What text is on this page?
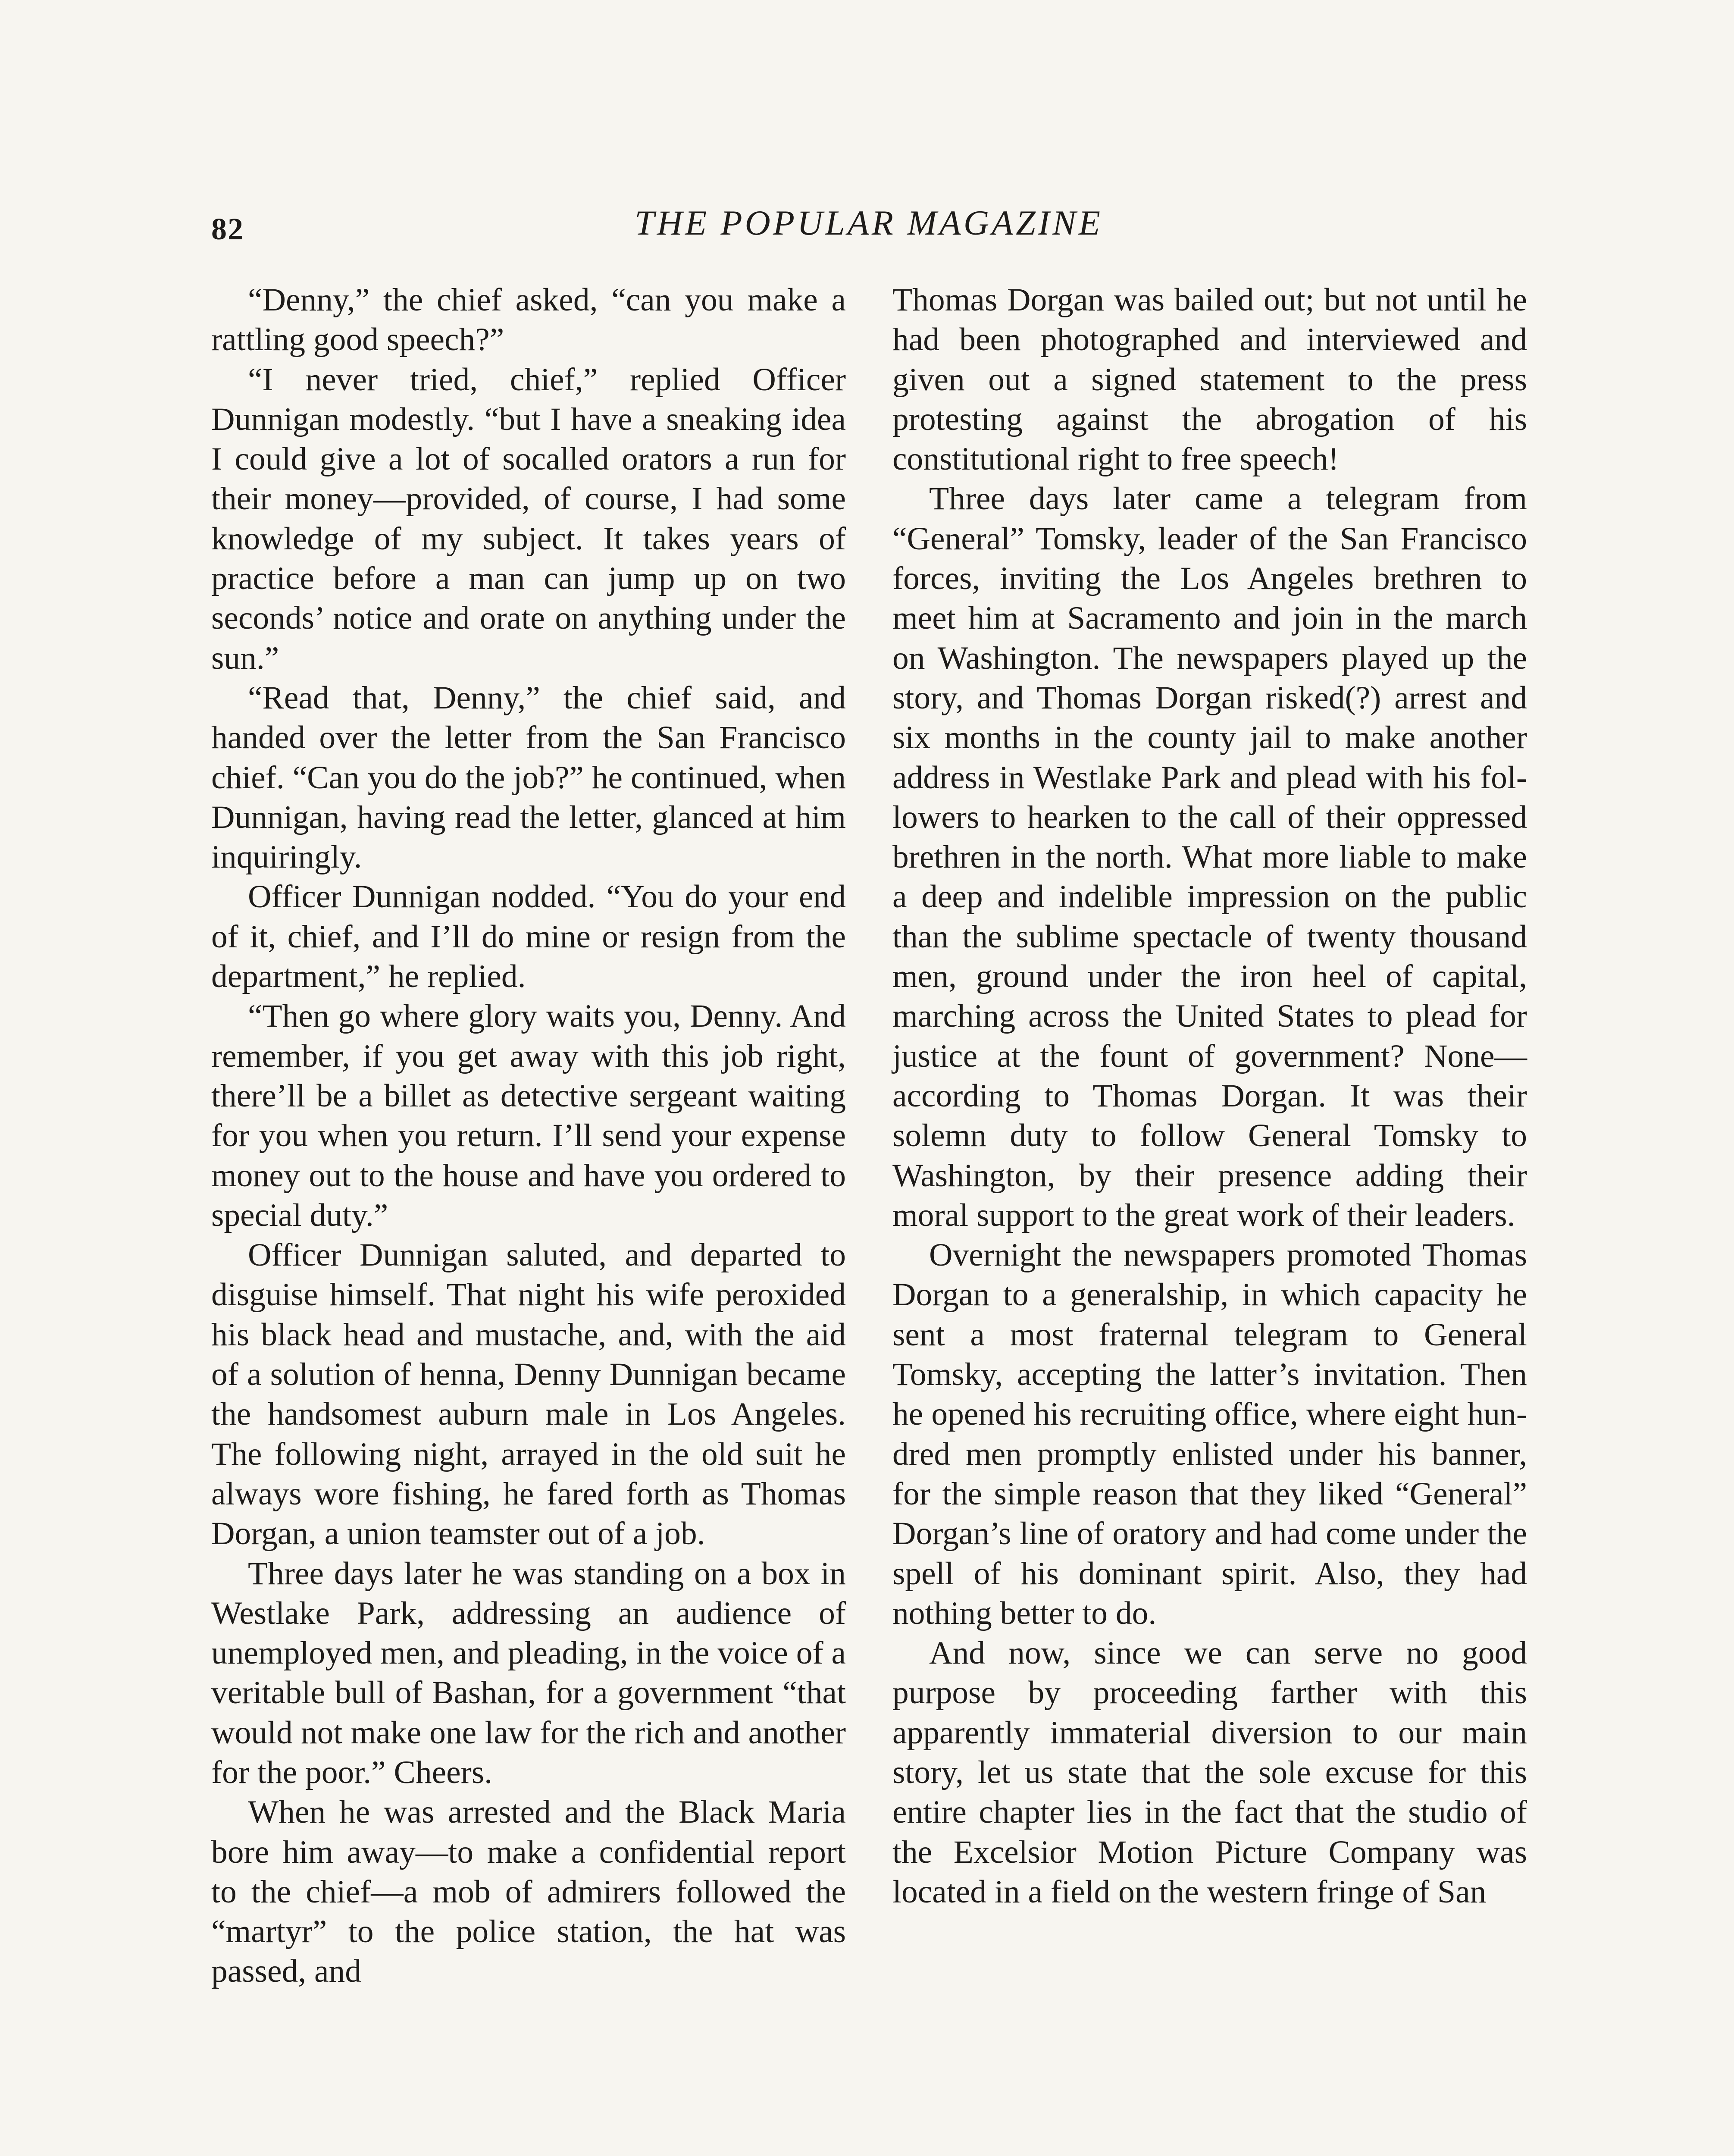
82	THE POPULAR MAGAZINE

“Denny,” the chief asked, “can you make a rattling good speech?”

“I never tried, chief,” replied Officer Dunnigan modestly. “but I have a sneaking idea I could give a lot of socalled orators a run for their money—provided, of course, I had some knowledge of my subject. It takes years of practice before a man can jump up on two seconds’ notice and orate on anything under the sun.”

“Read that, Denny,” the chief said, and handed over the letter from the San Francisco chief. “Can you do the job?” he continued, when Dunnigan, having read the letter, glanced at him inquiringly.

Officer Dunnigan nodded. “You do your end of it, chief, and I’ll do mine or resign from the department,” he replied.

“Then go where glory waits you, Denny. And remember, if you get away with this job right, there’ll be a billet as detective sergeant waiting for you when you return. I’ll send your expense money out to the house and have you ordered to special duty.”

Officer Dunnigan saluted, and departed to disguise himself. That night his wife peroxided his black head and mustache, and, with the aid of a solution of henna, Denny Dunnigan became the handsomest auburn male in Los Angeles. The following night, arrayed in the old suit he always wore fishing, he fared forth as Thomas Dorgan, a union teamster out of a job.

Three days later he was standing on a box in Westlake Park, addressing an audience of unemployed men, and pleading, in the voice of a veritable bull of Bashan, for a government “that would not make one law for the rich and another for the poor.” Cheers.

When he was arrested and the Black Maria bore him away—to make a confidential report to the chief—a mob of admirers followed the “martyr” to the police station, the hat was passed, and

Thomas Dorgan was bailed out; but not until he had been photographed and interviewed and given out a signed statement to the press protesting against the abrogation of his constitutional right to free speech!

Three days later came a telegram from “General” Tomsky, leader of the San Francisco forces, inviting the Los Angeles brethren to meet him at Sacramento and join in the march on Washington. The newspapers played up the story, and Thomas Dorgan risked(?) arrest and six months in the county jail to make another address in Westlake Park and plead with his followers to hearken to the call of their oppressed brethren in the north. What more liable to make a deep and indelible impression on the public than the sublime spectacle of twenty thousand men, ground under the iron heel of capital, marching across the United States to plead for justice at the fount of government? None—according to Thomas Dorgan. It was their solemn duty to follow General Tomsky to Washington, by their presence adding their moral support to the great work of their leaders.

Overnight the newspapers promoted Thomas Dorgan to a generalship, in which capacity he sent a most fraternal telegram to General Tomsky, accepting the latter’s invitation. Then he opened his recruiting office, where eight hundred men promptly enlisted under his banner, for the simple reason that they liked “General” Dorgan’s line of oratory and had come under the spell of his dominant spirit. Also, they had nothing better to do.

And now, since we can serve no good purpose by proceeding farther with this apparently immaterial diversion to our main story, let us state that the sole excuse for this entire chapter lies in the fact that the studio of the Excelsior Motion Picture Company was located in a field on the western fringe of San
